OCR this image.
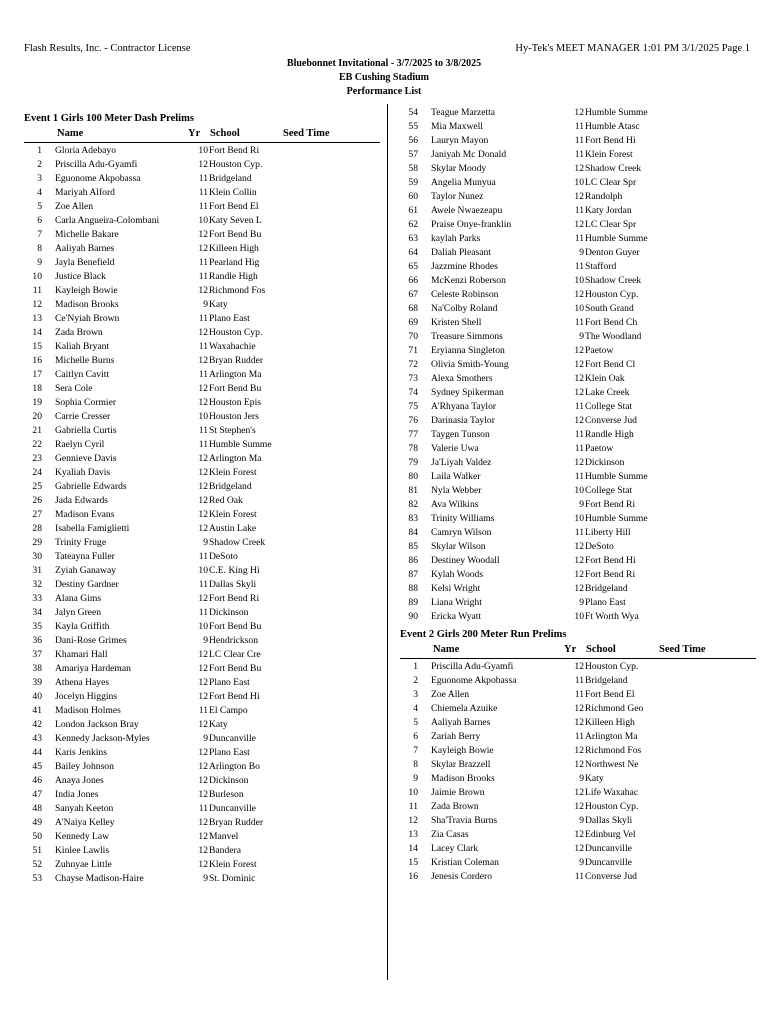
Flash Results, Inc. - Contractor License	Hy-Tek's MEET MANAGER 1:01 PM 3/1/2025 Page 1
Bluebonnet Invitational - 3/7/2025 to 3/8/2025
EB Cushing Stadium
Performance List
Event 1 Girls 100 Meter Dash Prelims
Name	Yr School	Seed Time
1 Gloria Adebayo	10 Fort Bend Ri
2 Priscilla Adu-Gyamfi	12 Houston Cyp.
3 Eguonome Akpobassa	11 Bridgeland
4 Mariyah Alford	11 Klein Collin
5 Zoe Allen	11 Fort Bend El
6 Carla Angueira-Colombani	10 Katy Seven L
7 Michelle Bakare	12 Fort Bend Bu
8 Aaliyah Barnes	12 Killeen High
9 Jayla Benefield	11 Pearland Hig
10 Justice Black	11 Randle High
11 Kayleigh Bowie	12 Richmond Fos
12 Madison Brooks	9 Katy
13 Ce'Nyiah Brown	11 Plano East
14 Zada Brown	12 Houston Cyp.
15 Kaliah Bryant	11 Waxahachie
16 Michelle Burns	12 Bryan Rudder
17 Caitlyn Cavitt	11 Arlington Ma
18 Sera Cole	12 Fort Bend Bu
19 Sophia Cormier	12 Houston Epis
20 Carrie Cresser	10 Houston Jers
21 Gabriella Curtis	11 St Stephen's
22 Raelyn Cyril	11 Humble Summe
23 Gennieve Davis	12 Arlington Ma
24 Kyaliah Davis	12 Klein Forest
25 Gabrielle Edwards	12 Bridgeland
26 Jada Edwards	12 Red Oak
27 Madison Evans	12 Klein Forest
28 Isabella Famiglietti	12 Austin Lake
29 Trinity Fruge	9 Shadow Creek
30 Tateayna Fuller	11 DeSoto
31 Zyiah Ganaway	10 C.E. King Hi
32 Destiny Gardner	11 Dallas Skyli
33 Alana Gims	12 Fort Bend Ri
34 Jalyn Green	11 Dickinson
35 Kayla Griffith	10 Fort Bend Bu
36 Dani-Rose Grimes	9 Hendrickson
37 Khamari Hall	12 LC Clear Cre
38 Amariya Hardeman	12 Fort Bend Bu
39 Athena Hayes	12 Plano East
40 Jocelyn Higgins	12 Fort Bend Hi
41 Madison Holmes	11 El Campo
42 London Jackson Bray	12 Katy
43 Kennedy Jackson-Myles	9 Duncanville
44 Karis Jenkins	12 Plano East
45 Bailey Johnson	12 Arlington Bo
46 Anaya Jones	12 Dickinson
47 India Jones	12 Burleson
48 Sanyah Keeton	11 Duncanville
49 A'Naiya Kelley	12 Bryan Rudder
50 Kennedy Law	12 Manvel
51 Kinlee Lawlis	12 Bandera
52 Zuhnyae Little	12 Klein Forest
53 Chayse Madison-Haire	9 St. Dominic
54 Teague Marzetta	12 Humble Summe
55 Mia Maxwell	11 Humble Atasc
56 Lauryn Mayon	11 Fort Bend Hi
57 Janiyah Mc Donald	11 Klein Forest
58 Skylar Moody	12 Shadow Creek
59 Angelia Munyua	10 LC Clear Spr
60 Taylor Nunez	12 Randolph
61 Awele Nwaezeapu	11 Katy Jordan
62 Praise Onye-franklin	12 LC Clear Spr
63 kaylah Parks	11 Humble Summe
64 Daliah Pleasant	9 Denton Guyer
65 Jazzmine Rhodes	11 Stafford
66 McKenzi Roberson	10 Shadow Creek
67 Celeste Robinson	12 Houston Cyp.
68 Na'Colby Roland	10 South Grand
69 Kristen Shell	11 Fort Bend Ch
70 Treasure Simmons	9 The Woodland
71 Eryianna Singleton	12 Paetow
72 Olivia Smith-Young	12 Fort Bend Cl
73 Alexa Smothers	12 Klein Oak
74 Sydney Spikerman	12 Lake Creek
75 A'Rhyana Taylor	11 College Stat
76 Darinasia Taylor	12 Converse Jud
77 Taygen Tunson	11 Randle High
78 Valerie Uwa	11 Paetow
79 Ja'Liyah Valdez	12 Dickinson
80 Laila Walker	11 Humble Summe
81 Nyla Webber	10 College Stat
82 Ava Wilkins	9 Fort Bend Ri
83 Trinity Williams	10 Humble Summe
84 Camryn Wilson	11 Liberty Hill
85 Skylar Wilson	12 DeSoto
86 Destiney Woodall	12 Fort Bend Hi
87 Kylah Woods	12 Fort Bend Ri
88 Kelsi Wright	12 Bridgeland
89 Liana Wright	9 Plano East
90 Ericka Wyatt	10 Ft Worth Wya
Event 2 Girls 200 Meter Run Prelims
Name	Yr School	Seed Time
1 Priscilla Adu-Gyamfi	12 Houston Cyp.
2 Eguonome Akpobassa	11 Bridgeland
3 Zoe Allen	11 Fort Bend El
4 Chiemela Azuike	12 Richmond Geo
5 Aaliyah Barnes	12 Killeen High
6 Zariah Berry	11 Arlington Ma
7 Kayleigh Bowie	12 Richmond Fos
8 Skylar Brazzell	12 Northwest Ne
9 Madison Brooks	9 Katy
10 Jaimie Brown	12 Life Waxahac
11 Zada Brown	12 Houston Cyp.
12 Sha'Travia Burns	9 Dallas Skyli
13 Zia Casas	12 Edinburg Vel
14 Lacey Clark	12 Duncanville
15 Kristian Coleman	9 Duncanville
16 Jenesis Cordero	11 Converse Jud
